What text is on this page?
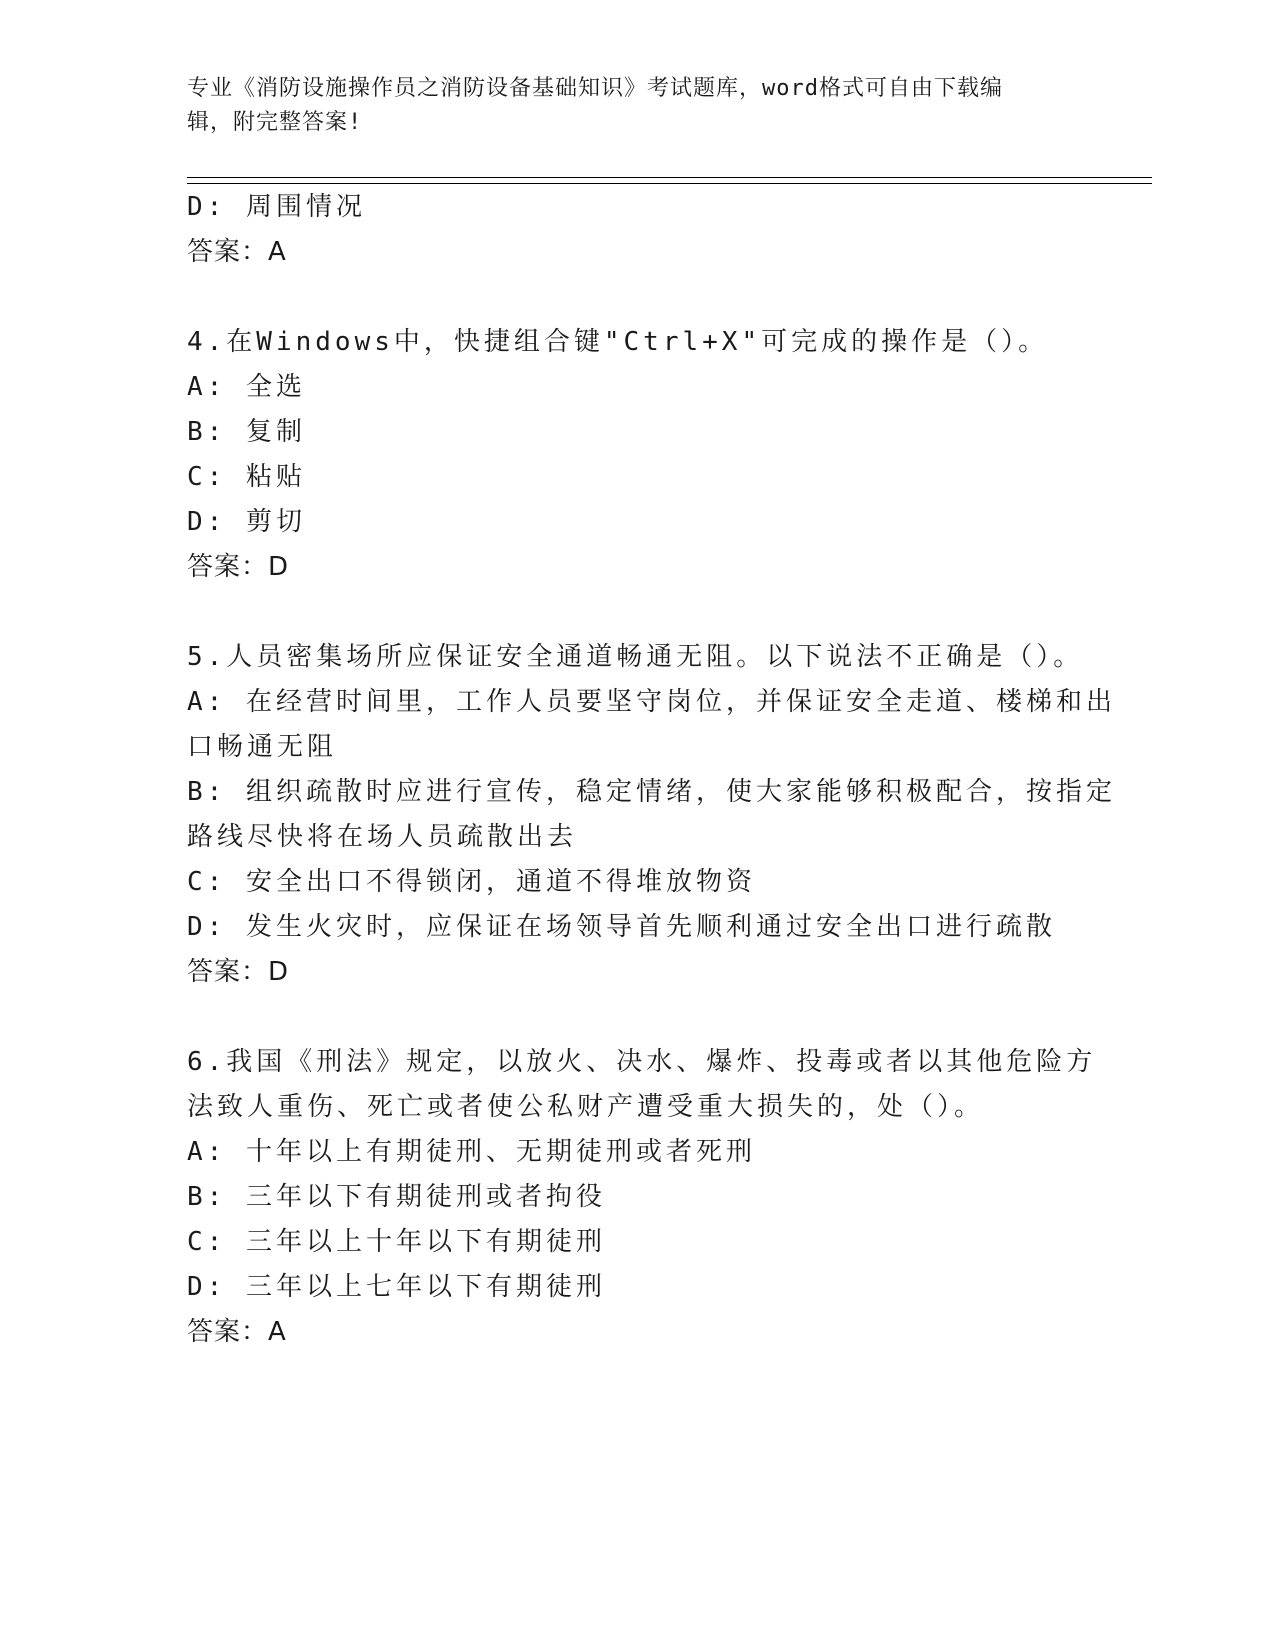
专业《消防设施操作员之消防设备基础知识》考试题库，word格式可自由下载编
辑，附完整答案!
D: 周围情况
答案：A
4.在Windows中，快捷组合键"Ctrl+X"可完成的操作是（）。
A: 全选
B: 复制
C: 粘贴
D: 剪切
答案：D
5.人员密集场所应保证安全通道畅通无阻。以下说法不正确是（）。
A: 在经营时间里，工作人员要坚守岗位，并保证安全走道、楼梯和出
口畅通无阻
B: 组织疏散时应进行宣传，稳定情绪，使大家能够积极配合，按指定
路线尽快将在场人员疏散出去
C: 安全出口不得锁闭，通道不得堆放物资
D: 发生火灾时，应保证在场领导首先顺利通过安全出口进行疏散
答案：D
6.我国《刑法》规定，以放火、决水、爆炸、投毒或者以其他危险方
法致人重伤、死亡或者使公私财产遭受重大损失的，处（）。
A: 十年以上有期徒刑、无期徒刑或者死刑
B: 三年以下有期徒刑或者拘役
C: 三年以上十年以下有期徒刑
D: 三年以上七年以下有期徒刑
答案：A
